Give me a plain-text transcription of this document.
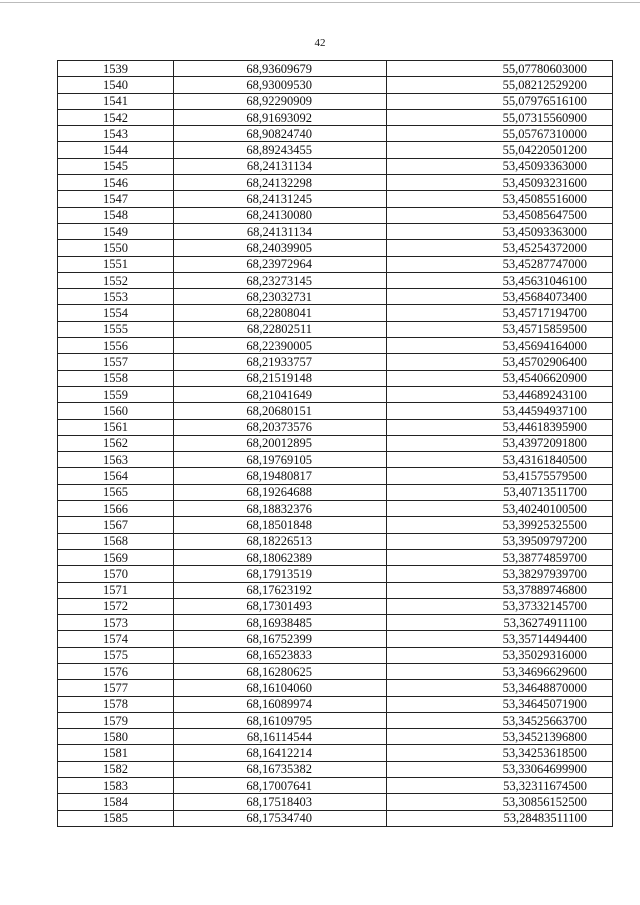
42
1539	68,93609679	55,07780603000
1540	68,93009530	55,08212529200
1541	68,92290909	55,07976516100
1542	68,91693092	55,07315560900
1543	68,90824740	55,05767310000
1544	68,89243455	55,04220501200
1545	68,24131134	53,45093363000
1546	68,24132298	53,45093231600
1547	68,24131245	53,45085516000
1548	68,24130080	53,45085647500
1549	68,24131134	53,45093363000
1550	68,24039905	53,45254372000
1551	68,23972964	53,45287747000
1552	68,23273145	53,45631046100
1553	68,23032731	53,45684073400
1554	68,22808041	53,45717194700
1555	68,22802511	53,45715859500
1556	68,22390005	53,45694164000
1557	68,21933757	53,45702906400
1558	68,21519148	53,45406620900
1559	68,21041649	53,44689243100
1560	68,20680151	53,44594937100
1561	68,20373576	53,44618395900
1562	68,20012895	53,43972091800
1563	68,19769105	53,43161840500
1564	68,19480817	53,41575579500
1565	68,19264688	53,40713511700
1566	68,18832376	53,40240100500
1567	68,18501848	53,39925325500
1568	68,18226513	53,39509797200
1569	68,18062389	53,38774859700
1570	68,17913519	53,38297939700
1571	68,17623192	53,37889746800
1572	68,17301493	53,37332145700
1573	68,16938485	53,36274911100
1574	68,16752399	53,35714494400
1575	68,16523833	53,35029316000
1576	68,16280625	53,34696629600
1577	68,16104060	53,34648870000
1578	68,16089974	53,34645071900
1579	68,16109795	53,34525663700
1580	68,16114544	53,34521396800
1581	68,16412214	53,34253618500
1582	68,16735382	53,33064699900
1583	68,17007641	53,32311674500
1584	68,17518403	53,30856152500
1585	68,17534740	53,28483511100
